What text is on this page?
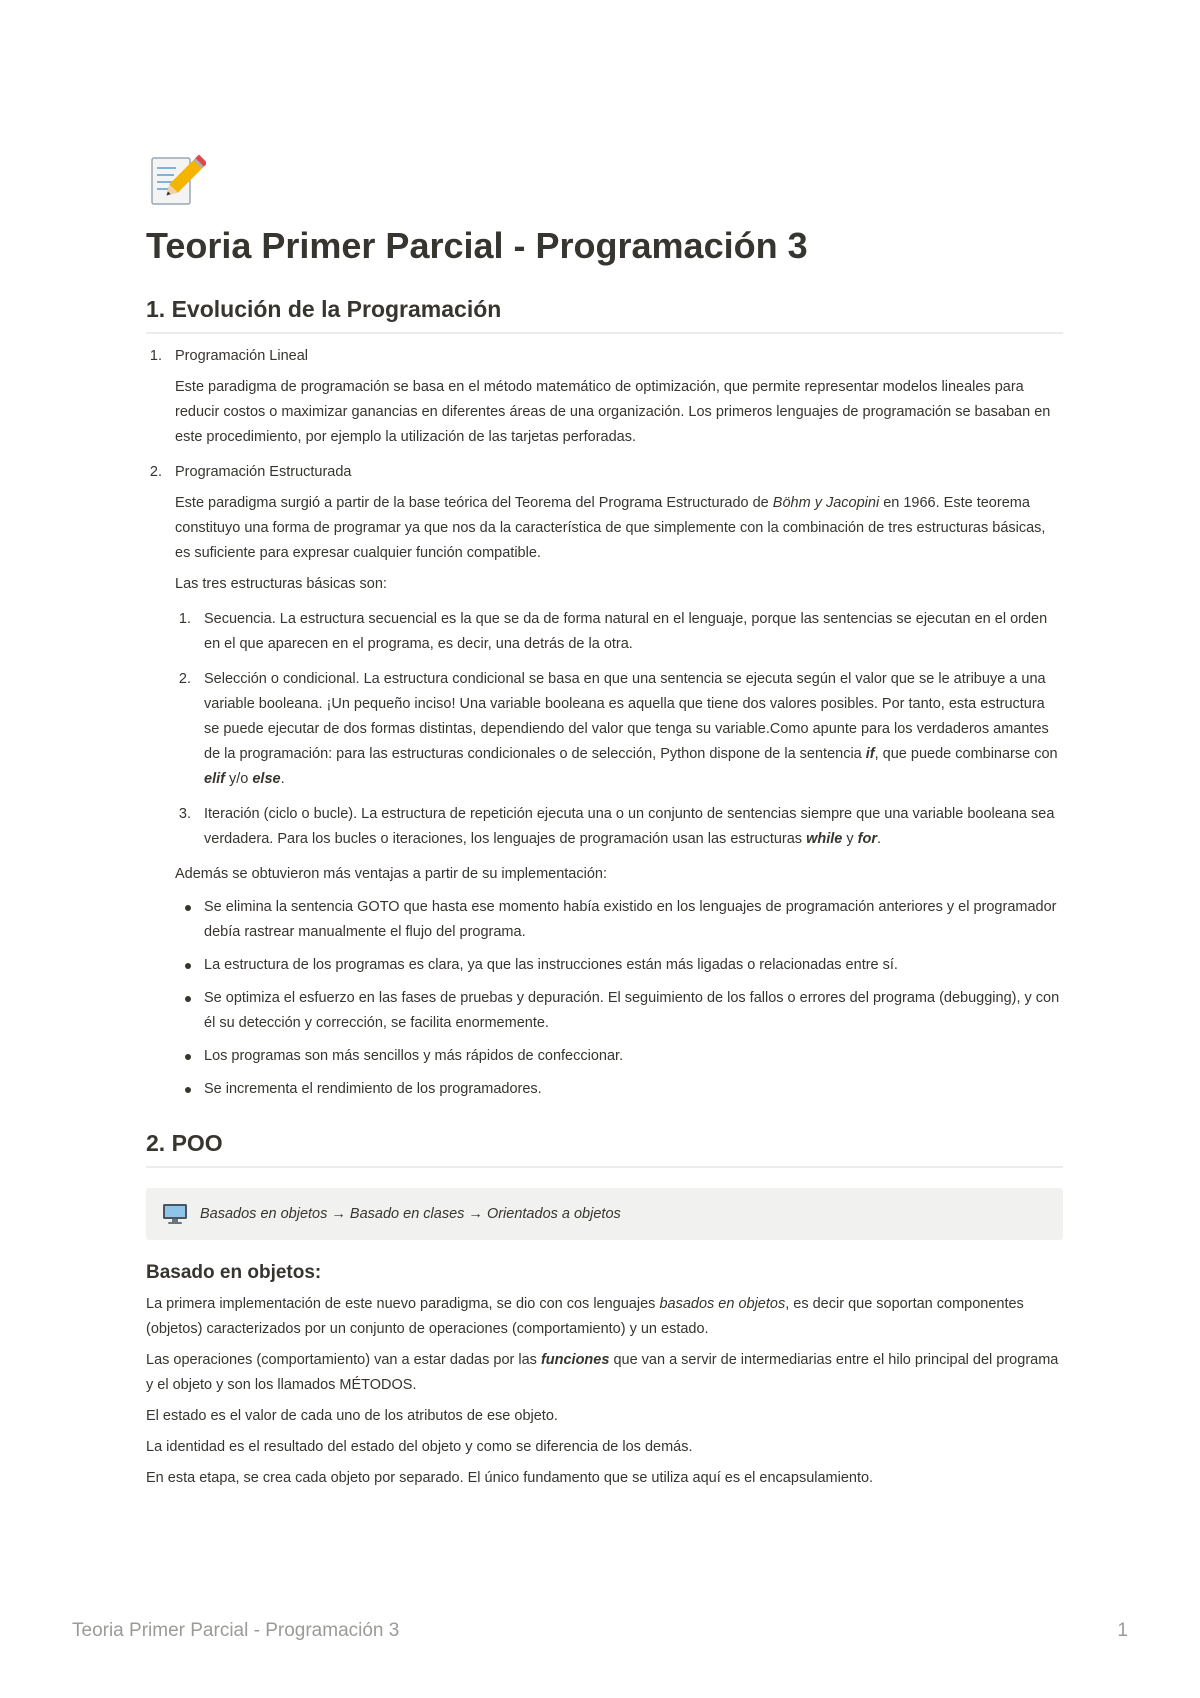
Teoria Primer Parcial - Programación 3
1. Evolución de la Programación
1. Programación Lineal
Este paradigma de programación se basa en el método matemático de optimización, que permite representar modelos lineales para reducir costos o maximizar ganancias en diferentes áreas de una organización. Los primeros lenguajes de programación se basaban en este procedimiento, por ejemplo la utilización de las tarjetas perforadas.
2. Programación Estructurada
Este paradigma surgió a partir de la base teórica del Teorema del Programa Estructurado de Böhm y Jacopini en 1966. Este teorema constituyo una forma de programar ya que nos da la característica de que simplemente con la combinación de tres estructuras básicas, es suficiente para expresar cualquier función compatible.
Las tres estructuras básicas son:
1. Secuencia. La estructura secuencial es la que se da de forma natural en el lenguaje, porque las sentencias se ejecutan en el orden en el que aparecen en el programa, es decir, una detrás de la otra.
2. Selección o condicional. La estructura condicional se basa en que una sentencia se ejecuta según el valor que se le atribuye a una variable booleana. ¡Un pequeño inciso! Una variable booleana es aquella que tiene dos valores posibles. Por tanto, esta estructura se puede ejecutar de dos formas distintas, dependiendo del valor que tenga su variable.Como apunte para los verdaderos amantes de la programación: para las estructuras condicionales o de selección, Python dispone de la sentencia if, que puede combinarse con elif y/o else.
3. Iteración (ciclo o bucle). La estructura de repetición ejecuta una o un conjunto de sentencias siempre que una variable booleana sea verdadera. Para los bucles o iteraciones, los lenguajes de programación usan las estructuras while y for.
Además se obtuvieron más ventajas a partir de su implementación:
Se elimina la sentencia GOTO que hasta ese momento había existido en los lenguajes de programación anteriores y el programador debía rastrear manualmente el flujo del programa.
La estructura de los programas es clara, ya que las instrucciones están más ligadas o relacionadas entre sí.
Se optimiza el esfuerzo en las fases de pruebas y depuración. El seguimiento de los fallos o errores del programa (debugging), y con él su detección y corrección, se facilita enormemente.
Los programas son más sencillos y más rápidos de confeccionar.
Se incrementa el rendimiento de los programadores.
2. POO
Basados en objetos → Basado en clases → Orientados a objetos
Basado en objetos:
La primera implementación de este nuevo paradigma, se dio con cos lenguajes basados en objetos, es decir que soportan componentes (objetos) caracterizados por un conjunto de operaciones (comportamiento) y un estado.
Las operaciones (comportamiento) van a estar dadas por las funciones que van a servir de intermediarias entre el hilo principal del programa y el objeto y son los llamados MÉTODOS.
El estado es el valor de cada uno de los atributos de ese objeto.
La identidad es el resultado del estado del objeto y como se diferencia de los demás.
En esta etapa, se crea cada objeto por separado. El único fundamento que se utiliza aquí es el encapsulamiento.
Teoria Primer Parcial - Programación 3	1
